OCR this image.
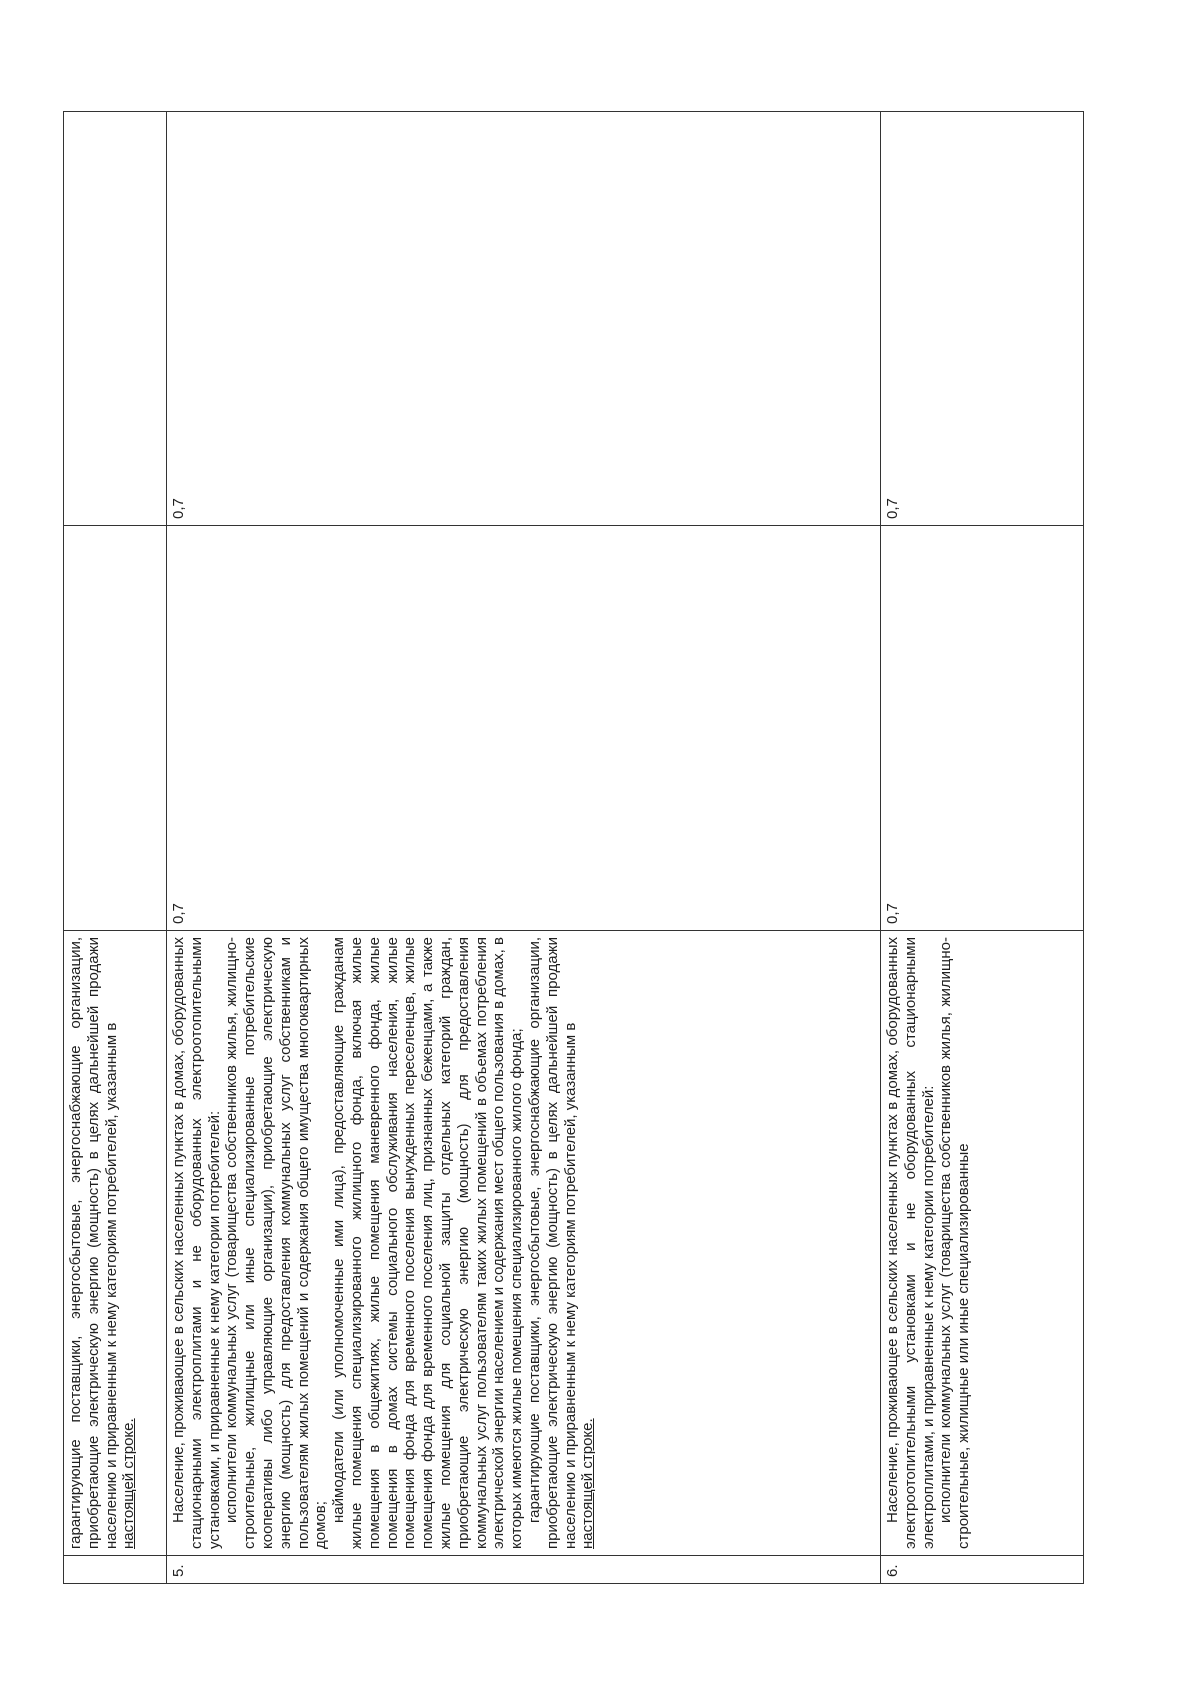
	гарантирующие поставщики, энергосбытовые, энергоснабжающие организации, приобретающие электрическую энергию (мощность) в целях дальнейшей продажи населению и приравненным к нему категориям потребителей, указанным в настоящей строке.		

5.	Население, проживающее в сельских населенных пунктах в домах, оборудованных стационарными электроплитами и не оборудованных электроотопительными установками, и приравненные к нему категории потребителей: исполнители коммунальных услуг (товарищества собственников жилья, жилищно-строительные, жилищные или иные специализированные потребительские кооперативы либо управляющие организации), приобретающие электрическую энергию (мощность) для предоставления коммунальных услуг собственникам и пользователям жилых помещений и содержания общего имущества многоквартирных домов;

наймодатели (или уполномоченные ими лица), предоставляющие гражданам жилые помещения специализированного жилищного фонда, включая жилые помещения в общежитиях, жилые помещения маневренного фонда, жилые помещения в домах системы социального обслуживания населения, жилые помещения фонда для временного поселения вынужденных переселенцев, жилые помещения фонда для временного поселения лиц, признанных беженцами, а также жилые помещения для социальной защиты отдельных категорий граждан, приобретающие электрическую энергию (мощность) для предоставления коммунальных услуг пользователям таких жилых помещений в объемах потребления электрической энергии населением и содержания мест общего пользования в домах, в которых имеются жилые помещения специализированного жилого фонда; гарантирующие поставщики, энергосбытовые, энергоснабжающие организации, приобретающие электрическую энергию (мощность) в целях дальнейшей продажи населению и приравненным к нему категориям потребителей, указанным в настоящей строке.	0,7	0,7
6.	Население, проживающее в сельских населенных пунктах в домах, оборудованных электроотопительными установками и не оборудованных стационарными электроплитами, и приравненные к нему категории потребителей: исполнители коммунальных услуг (товарищества собственников жилья, жилищно-строительные, жилищные или иные специализированные	0,7	0,7
